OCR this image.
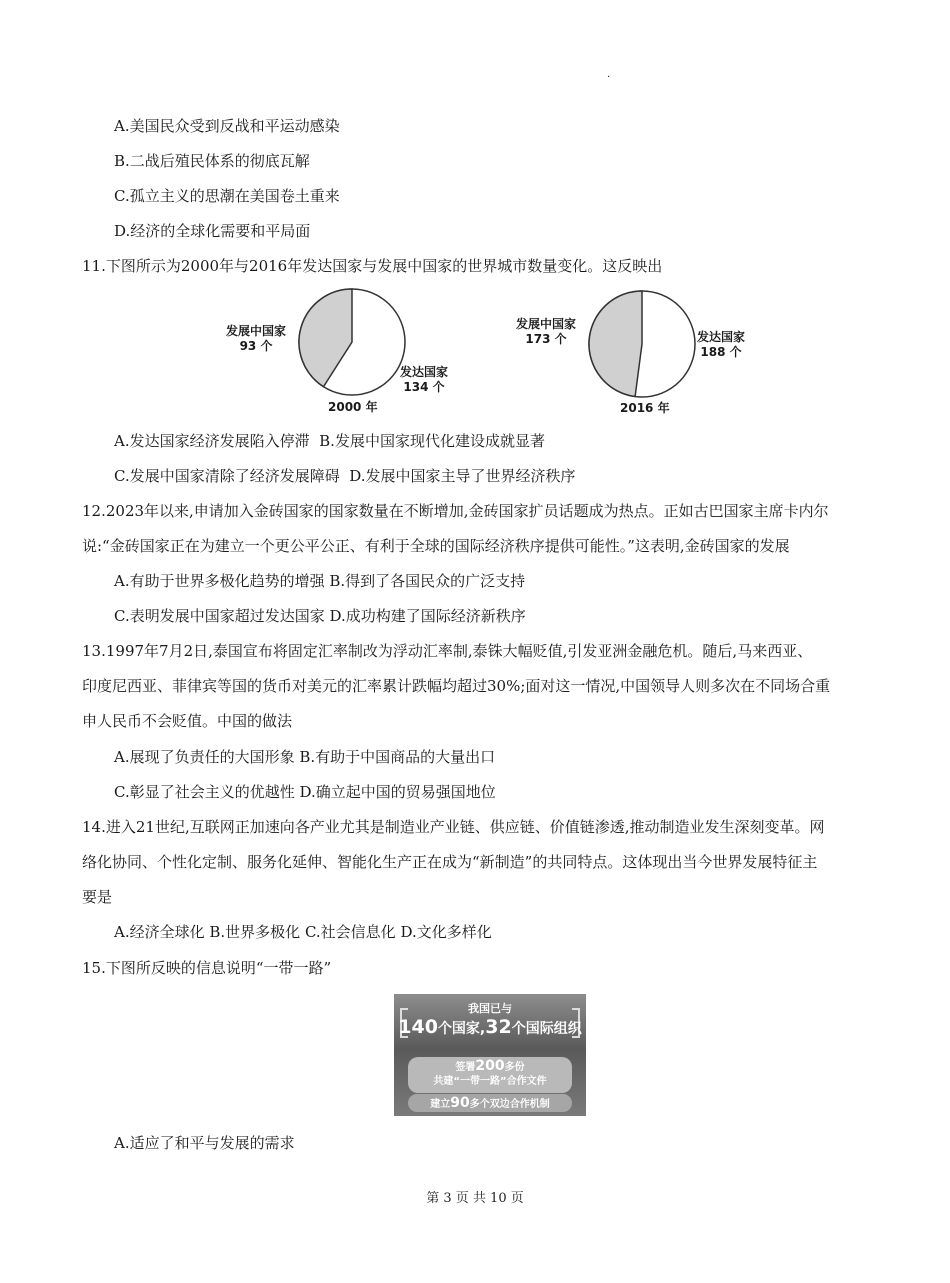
·
A.美国民众受到反战和平运动感染
B.二战后殖民体系的彻底瓦解
C.孤立主义的思潮在美国卷土重来
D.经济的全球化需要和平局面
11.下图所示为2000年与2016年发达国家与发展中国家的世界城市数量变化。这反映出
发展中国家
93 个
发达国家
134 个
2000 年
发展中国家
173 个	发达国家
188 个
2016 年
A.发达国家经济发展陷入停滞 B.发展中国家现代化建设成就显著
C.发展中国家清除了经济发展障碍 D.发展中国家主导了世界经济秩序
12.2023年以来,申请加入金砖国家的国家数量在不断增加,金砖国家扩员话题成为热点。正如古巴国家主席卡内尔
说:“金砖国家正在为建立一个更公平公正、有利于全球的国际经济秩序提供可能性。”这表明,金砖国家的发展
A.有助于世界多极化趋势的增强 B.得到了各国民众的广泛支持
C.表明发展中国家超过发达国家 D.成功构建了国际经济新秩序
13.1997年7月2日,泰国宣布将固定汇率制改为浮动汇率制,泰铢大幅贬值,引发亚洲金融危机。随后,马来西亚、
印度尼西亚、菲律宾等国的货币对美元的汇率累计跌幅均超过30%;面对这一情况,中国领导人则多次在不同场合重
申人民币不会贬值。中国的做法
A.展现了负责任的大国形象 B.有助于中国商品的大量出口
C.彰显了社会主义的优越性 D.确立起中国的贸易强国地位
14.进入21世纪,互联网正加速向各产业尤其是制造业产业链、供应链、价值链渗透,推动制造业发生深刻变革。网
络化协同、个性化定制、服务化延伸、智能化生产正在成为“新制造”的共同特点。这体现出当今世界发展特征主
要是
A.经济全球化 B.世界多极化 C.社会信息化 D.文化多样化
15.下图所反映的信息说明“一带一路”
我国已与
140个国家,32个国际组织
签署200多份
共建“一带一路”合作文件
建立90多个双边合作机制
A.适应了和平与发展的需求
第 3 页 共 10 页
